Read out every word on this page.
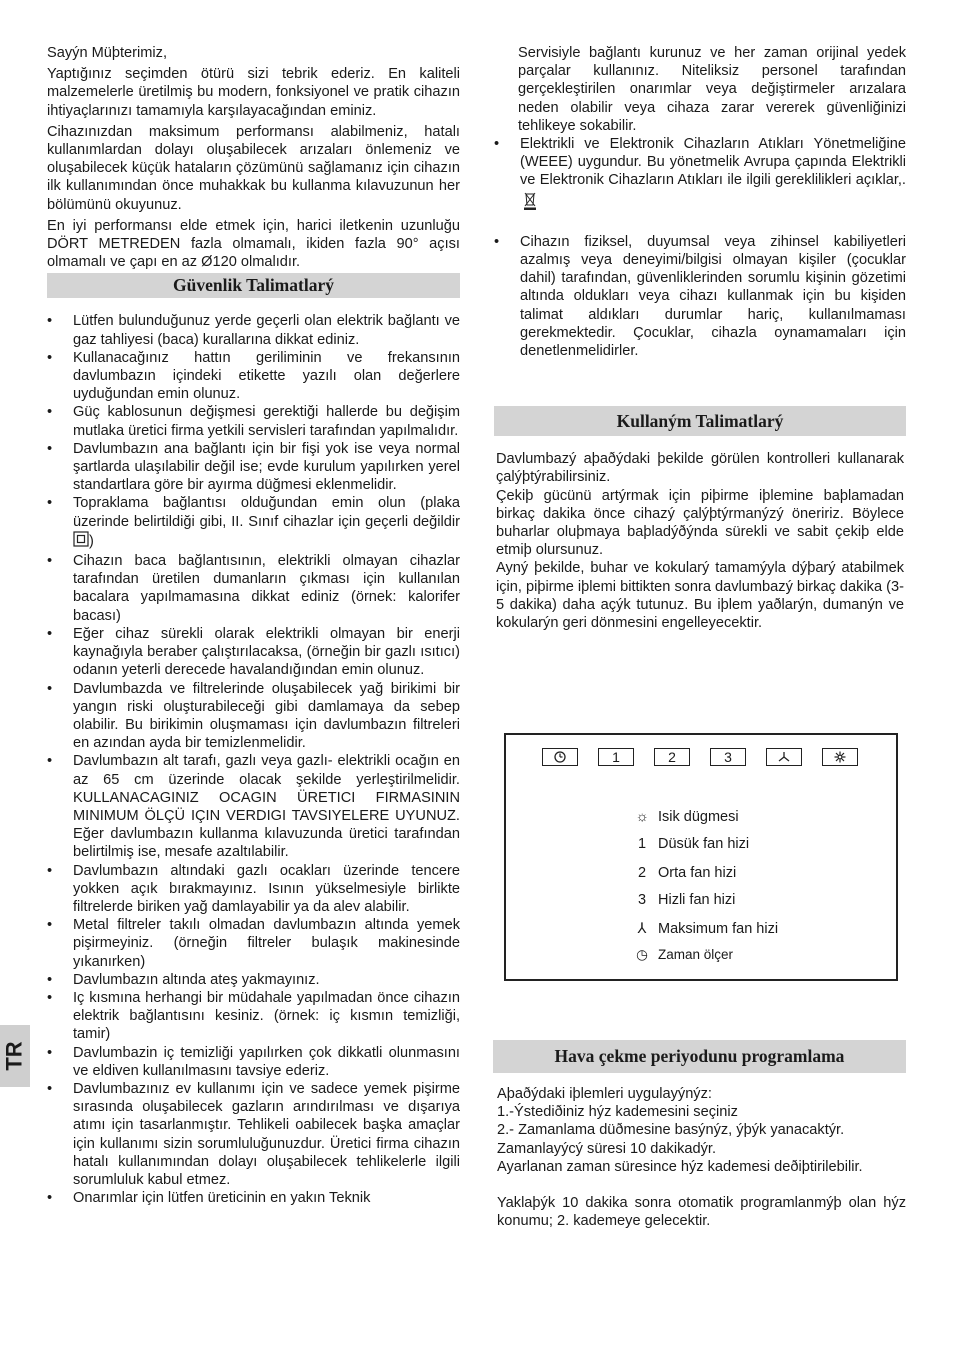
Sayýn Müþterimiz,

Yaptığınız seçimden ötürü sizi tebrik ederiz. En kaliteli malzemelerle üretilmiş bu modern, fonksiyonel ve pratik cihazın ihtiyaçlarınızı tamamıyla karşılayacağından eminiz.

Cihazınızdan maksimum performansı alabilmeniz, hatalı kullanımlardan dolayı oluşabilecek arızaları önlemeniz ve oluşabilecek küçük hataların çözümünü sağlamanız için cihazın ilk kullanımından önce muhakkak bu kullanma kılavuzunun her bölümünü okuyunuz.

En iyi performansı elde etmek için, harici iletkenin uzunluğu DÖRT METREDEN fazla olmamalı, ikiden fazla 90° açısı olmamalı ve çapı en az Ø120 olmalıdır.

Güvenlik Talimatlarý
• Lütfen bulunduğunuz yerde geçerli olan elektrik bağlantı ve gaz tahliyesi (baca) kurallarına dikkat ediniz.
• Kullanacağınız hattın geriliminin ve frekansının davlumbazın içindeki etikette yazılı olan değerlere uyduğundan emin olunuz.
• Güç kablosunun değişmesi gerektiği hallerde bu değişim mutlaka üretici firma yetkili servisleri tarafından yapılmalıdır.
• Davlumbazın ana bağlantı için bir fişi yok ise veya normal şartlarda ulaşılabilir değil ise; evde kurulum yapılırken yerel standartlara göre bir ayırma düğmesi eklenmelidir.
• Topraklama bağlantısı olduğundan emin olun (plaka üzerinde belirtildiği gibi, II. Sınıf cihazlar için geçerli değildir )
• Cihazın baca bağlantısının, elektrikli olmayan cihazlar tarafından üretilen dumanların çıkması için kullanılan bacalara yapılmamasına dikkat ediniz (örnek: kalorifer bacası)
• Eğer cihaz sürekli olarak elektrikli olmayan bir enerji kaynağıyla beraber çalıştırılacaksa, (örneğin bir gazlı ısıtıcı) odanın yeterli derecede havalandığından emin olunuz.
• Davlumbazda ve filtrelerinde oluşabilecek yağ birikimi bir yangın riski oluşturabileceği gibi damlamaya da sebep olabilir. Bu birikimin oluşmaması için davlumbazın filtreleri en azından ayda bir temizlenmelidir.
• Davlumbazın alt tarafı, gazlı veya gazlı- elektrikli ocağın en az 65 cm üzerinde olacak şekilde yerleştirilmelidir. KULLANACAGINIZ OCAGIN ÜRETICI FIRMASININ MINIMUM ÖLÇÜ IÇIN VERDIGI TAVSIYELERE UYUNUZ. Eğer davlumbazın kullanma kılavuzunda üretici tarafından belirtilmiş ise, mesafe azaltılabilir.
• Davlumbazın altındaki gazlı ocakları üzerinde tencere yokken açık bırakmayınız. Isının yükselmesiyle birlikte filtrelerde biriken yağ damlayabilir ya da alev alabilir.
• Metal filtreler takılı olmadan davlumbazın altında yemek pişirmeyiniz. (örneğin filtreler bulaşık makinesinde yıkanırken)
• Davlumbazın altında ateş yakmayınız.
• Iç kısmına herhangi bir müdahale yapılmadan önce cihazın elektrik bağlantısını kesiniz. (örnek: iç kısmın temizliği, tamir)
• Davlumbazin iç temizliği yapılırken çok dikkatli olunmasını ve eldiven kullanılmasını tavsiye ederiz.
• Davlumbazınız ev kullanımı için ve sadece yemek pişirme sırasında oluşabilecek gazların arındırılması ve dışarıya atımı için tasarlanmıştır. Tehlikeli oabilecek başka amaçlar için kullanımı sizin sorumluluğunuzdur. Üretici firma cihazın hatalı kullanımından dolayı oluşabilecek tehlikelerle ilgili sorumluluk kabul etmez.
• Onarımlar için lütfen üreticinin en yakın Teknik

Servisiyle bağlantı kurunuz ve her zaman orijinal yedek parçalar kullanınız. Niteliksiz personel tarafından gerçekleştirilen onarımlar veya değiştirmeler arızalara neden olabilir veya cihaza zarar vererek güvenliğinizi tehlikeye sokabilir.

• Elektrikli ve Elektronik Cihazların Atıkları Yönetmeliğine (WEEE) uygundur. Bu yönetmelik Avrupa çapında Elektrikli ve Elektronik Cihazların Atıkları ile ilgili gereklilikleri açıklar,.
• Cihazın fiziksel, duyumsal veya zihinsel kabiliyetleri azalmış veya deneyimi/bilgisi olmayan kişiler (çocuklar dahil) tarafından, güvenliklerinden sorumlu kişinin gözetimi altında oldukları veya cihazı kullanmak için bu kişiden talimat aldıkları durumlar hariç, kullanılmaması gerekmektedir. Çocuklar, cihazla oynamamaları için denetlenmelidirler.
Kullaným Talimatlarý

Davlumbazý aþaðýdaki þekilde görülen kontrolleri kullanarak çalýþtýrabilirsiniz.

Çekiþ gücünü artýrmak için piþirme iþlemine baþlamadan birkaç dakika önce cihazý çalýþtýrmanýzý öneririz. Böylece buharlar oluþmaya baþladýðýnda sürekli ve sabit çekiþ elde etmiþ olursunuz.

Ayný þekilde, buhar ve kokularý tamamýyla dýþarý atabilmek için, piþirme iþlemi bittikten sonra davlumbazý birkaç dakika (3-5 dakika) daha açýk tutunuz. Bu iþlem yaðlarýn, dumanýn ve kokularýn geri dönmesini engelleyecektir.

1	2	3
☼ Isik dügmesi
1 Düsük fan hizi
2 Orta fan hizi
3 Hizli fan hizi
⅄ Maksimum fan hizi
◷ Zaman ölçer
Hava çekme periyodunu programlama

Aþaðýdaki iþlemleri uygulayýnýz:

1.-Ýstediðiniz hýz kademesini seçiniz

2.- Zamanlama düðmesine basýnýz, ýþýk yanacaktýr.

Zamanlayýcý süresi 10 dakikadýr.

Ayarlanan zaman süresince hýz kademesi deðiþtirilebilir.

Yaklaþýk 10 dakika sonra otomatik programlanmýþ olan hýz konumu; 2. kademeye gelecektir.

TR
